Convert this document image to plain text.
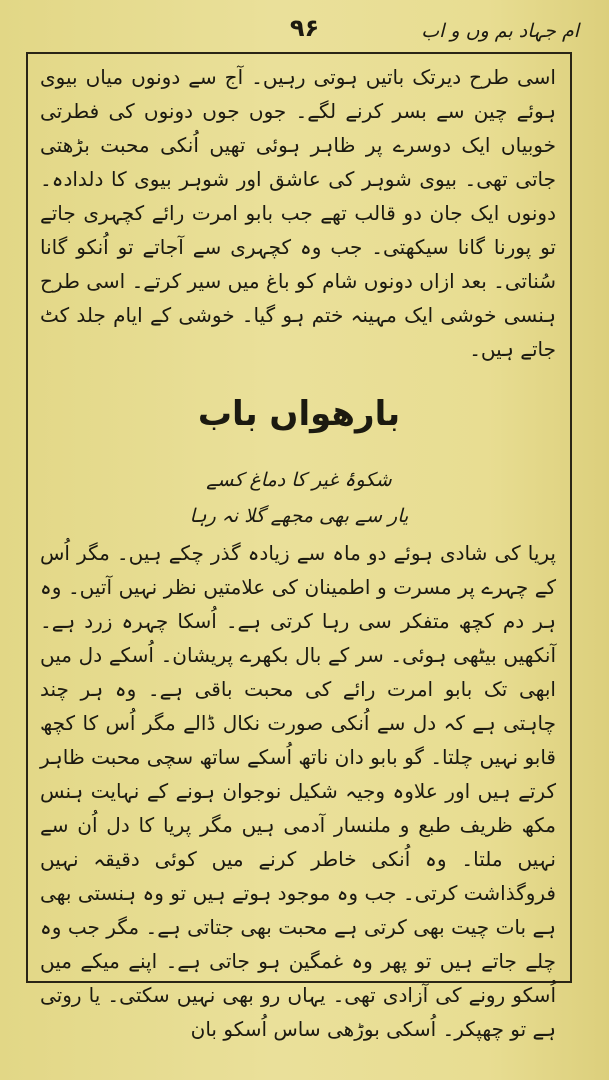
ام جہاد بم وں و اب
۹۶
اسی طرح دیرتک باتیں ہوتی رہیں۔ آج سے دونوں میاں بیوی ہوئے چین سے بسر کرنے لگے۔ جوں جوں دونوں کی فطرتی خوبیاں ایک دوسرے پر ظاہر ہوئی تھیں اُنکی محبت بڑھتی جاتی تھی۔ بیوی شوہر کی عاشق اور شوہر بیوی کا دلدادہ۔ دونوں ایک جان دو قالب تھے جب بابو امرت رائے کچہری جاتے تو پورنا گانا سیکھتی۔ جب وہ کچہری سے آجاتے تو اُنکو گانا سُناتی۔ بعد ازاں دونوں شام کو باغ میں سیر کرتے۔ اسی طرح ہنسی خوشی ایک مہینہ ختم ہو گیا۔ خوشی کے ایام جلد کٹ جاتے ہیں۔
بارھواں باب
شکوۂ غیر کا دماغ کسے
یار سے بھی مجھے گلا نہ رہا
پریا کی شادی ہوئے دو ماہ سے زیادہ گذر چکے ہیں۔ مگر اُس کے چہرے پر مسرت و اطمینان کی علامتیں نظر نہیں آتیں۔ وہ ہر دم کچھ متفکر سی رہا کرتی ہے۔ اُسکا چہرہ زرد ہے۔ آنکھیں بیٹھی ہوئی۔ سر کے بال بکھرے پریشان۔ اُسکے دل میں ابھی تک بابو امرت رائے کی محبت باقی ہے۔ وہ ہر چند چاہتی ہے کہ دل سے اُنکی صورت نکال ڈالے مگر اُس کا کچھ قابو نہیں چلتا۔ گو بابو دان ناتھ اُسکے ساتھ سچی محبت ظاہر کرتے ہیں اور علاوہ وجیہ شکیل نوجوان ہونے کے نہایت ہنس مکھ ظریف طبع و ملنسار آدمی ہیں مگر پریا کا دل اُن سے نہیں ملتا۔ وہ اُنکی خاطر کرنے میں کوئی دقیقہ نہیں فروگذاشت کرتی۔ جب وہ موجود ہوتے ہیں تو وہ ہنستی بھی ہے بات چیت بھی کرتی ہے محبت بھی جتاتی ہے۔ مگر جب وہ چلے جاتے ہیں تو پھر وہ غمگین ہو جاتی ہے۔ اپنے میکے میں اُسکو رونے کی آزادی تھی۔ یہاں رو بھی نہیں سکتی۔ یا روتی ہے تو چھپکر۔ اُسکی بوڑھی ساس اُسکو بان
